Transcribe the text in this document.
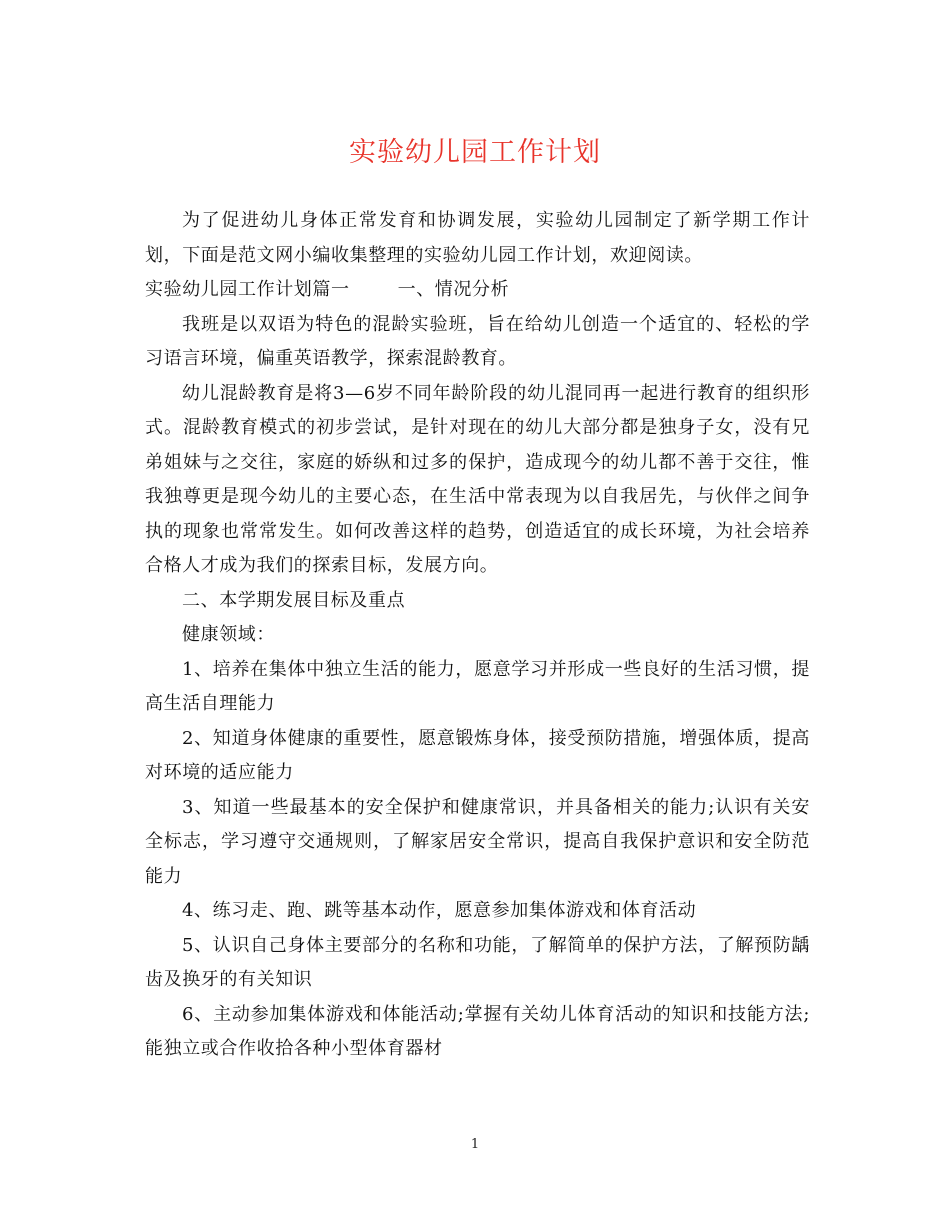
实验幼儿园工作计划

为了促进幼儿身体正常发育和协调发展，实验幼儿园制定了新学期工作计划，下面是范文网小编收集整理的实验幼儿园工作计划，欢迎阅读。

实验幼儿园工作计划篇一	一、情况分析

我班是以双语为特色的混龄实验班，旨在给幼儿创造一个适宜的、轻松的学习语言环境，偏重英语教学，探索混龄教育。

幼儿混龄教育是将3—6岁不同年龄阶段的幼儿混同再一起进行教育的组织形式。混龄教育模式的初步尝试，是针对现在的幼儿大部分都是独身子女，没有兄弟姐妹与之交往，家庭的娇纵和过多的保护，造成现今的幼儿都不善于交往，惟我独尊更是现今幼儿的主要心态，在生活中常表现为以自我居先，与伙伴之间争执的现象也常常发生。如何改善这样的趋势，创造适宜的成长环境，为社会培养合格人才成为我们的探索目标，发展方向。

二、本学期发展目标及重点

健康领域：

1、培养在集体中独立生活的能力，愿意学习并形成一些良好的生活习惯，提高生活自理能力

2、知道身体健康的重要性，愿意锻炼身体，接受预防措施，增强体质，提高对环境的适应能力

3、知道一些最基本的安全保护和健康常识，并具备相关的能力;认识有关安全标志，学习遵守交通规则，了解家居安全常识，提高自我保护意识和安全防范能力

4、练习走、跑、跳等基本动作，愿意参加集体游戏和体育活动

5、认识自己身体主要部分的名称和功能，了解简单的保护方法，了解预防龋齿及换牙的有关知识

6、主动参加集体游戏和体能活动;掌握有关幼儿体育活动的知识和技能方法;能独立或合作收拾各种小型体育器材

1
